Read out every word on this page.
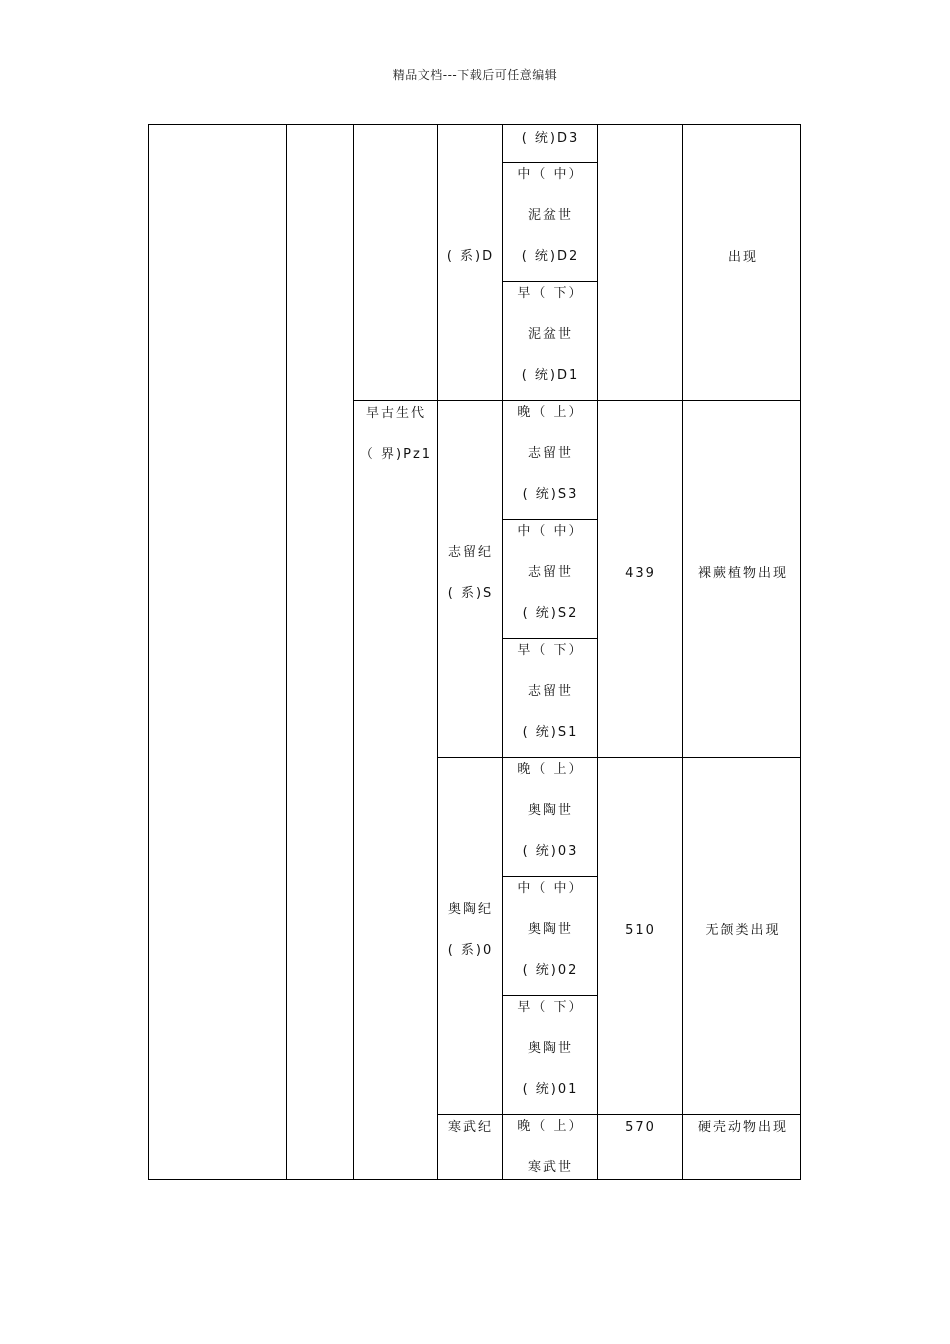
精品文档---下载后可任意编辑
早古生代
（ 界)Pz1
( 系)D
志留纪
( 系)S
奥陶纪
( 系)0
寒武纪
( 统)D3
中（ 中）
泥盆世
( 统)D2
早（ 下）
泥盆世
( 统)D1
晚（ 上）
志留世
( 统)S3
中（ 中）
志留世
( 统)S2
早（ 下）
志留世
( 统)S1
晚（ 上）
奥陶世
( 统)03
中（ 中）
奥陶世
( 统)02
早（ 下）
奥陶世
( 统)01
晚（ 上）
寒武世
439
510
570
出现
裸蕨植物出现
无颌类出现
硬壳动物出现
